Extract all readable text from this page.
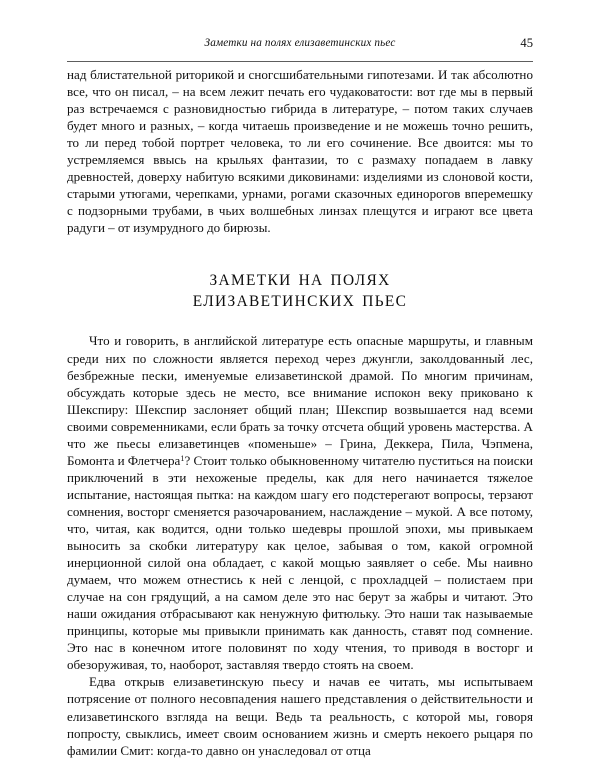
Заметки на полях елизаветинских пьес	45

над блистательной риторикой и сногсшибательными гипотезами. И так абсолютно все, что он писал, – на всем лежит печать его чудаковатости: вот где мы в первый раз встречаемся с разновидностью гибрида в литературе, – потом таких случаев будет много и разных, – когда читаешь произведение и не можешь точно решить, то ли перед тобой портрет человека, то ли его сочинение. Все двоится: мы то устремляемся ввысь на крыльях фантазии, то с размаху попадаем в лавку древностей, доверху набитую всякими диковинами: изделиями из слоновой кости, старыми утюгами, черепками, урнами, рогами сказочных единорогов вперемешку с подзорными трубами, в чьих волшебных линзах плещутся и играют все цвета радуги – от изумрудного до бирюзы.

ЗАМЕТКИ НА ПОЛЯХ
ЕЛИЗАВЕТИНСКИХ ПЬЕС

Что и говорить, в английской литературе есть опасные маршруты, и главным среди них по сложности является переход через джунгли, заколдованный лес, безбрежные пески, именуемые елизаветинской драмой. По многим причинам, обсуждать которые здесь не место, все внимание испокон веку приковано к Шекспиру: Шекспир заслоняет общий план; Шекспир возвышается над всеми своими современниками, если брать за точку отсчета общий уровень мастерства. А что же пьесы елизаветинцев «поменьше» – Грина, Деккера, Пила, Чэпмена, Бомонта и Флетчера$^1$? Стоит только обыкновенному читателю пуститься на поиски приключений в эти нехоженые пределы, как для него начинается тяжелое испытание, настоящая пытка: на каждом шагу его подстерегают вопросы, терзают сомнения, восторг сменяется разочарованием, наслаждение – мукой. А все потому, что, читая, как водится, одни только шедевры прошлой эпохи, мы привыкаем выносить за скобки литературу как целое, забывая о том, какой огромной инерционной силой она обладает, с какой мощью заявляет о себе. Мы наивно думаем, что можем отнестись к ней с ленцой, с прохладцей – полистаем при случае на сон грядущий, а на самом деле это нас берут за жабры и читают. Это наши ожидания отбрасывают как ненужную фитюльку. Это наши так называемые принципы, которые мы привыкли принимать как данность, ставят под сомнение. Это нас в конечном итоге половинят по ходу чтения, то приводя в восторг и обезоруживая, то, наоборот, заставляя твердо стоять на своем.

Едва открыв елизаветинскую пьесу и начав ее читать, мы испытываем потрясение от полного несовпадения нашего представления о действительности и елизаветинского взгляда на вещи. Ведь та реальность, с которой мы, говоря попросту, свыклись, имеет своим основанием жизнь и смерть некоего рыцаря по фамилии Смит: когда-то давно он унаследовал от отца
